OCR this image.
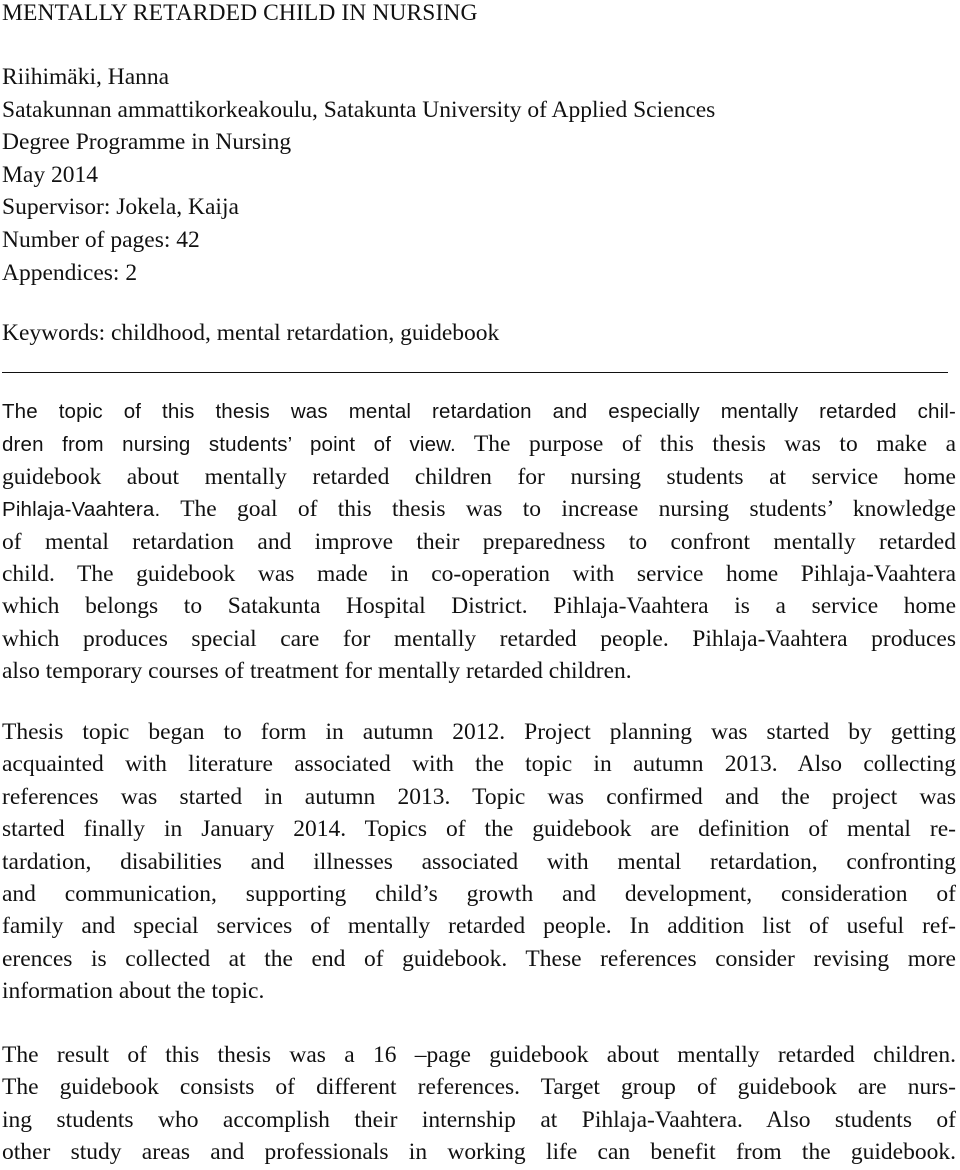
MENTALLY RETARDED CHILD IN NURSING
Riihimäki, Hanna
Satakunnan ammattikorkeakoulu, Satakunta University of Applied Sciences
Degree Programme in Nursing
May 2014
Supervisor: Jokela, Kaija
Number of pages: 42
Appendices: 2
Keywords: childhood, mental retardation, guidebook
The topic of this thesis was mental retardation and especially mentally retarded chil-
dren from nursing students’ point of view. The purpose of this thesis was to make a
guidebook about mentally retarded children for nursing students at service home
Pihlaja-Vaahtera. The goal of this thesis was to increase nursing students’ knowledge
of mental retardation and improve their preparedness to confront mentally retarded
child. The guidebook was made in co-operation with service home Pihlaja-Vaahtera
which belongs to Satakunta Hospital District. Pihlaja-Vaahtera is a service home
which produces special care for mentally retarded people. Pihlaja-Vaahtera produces
also temporary courses of treatment for mentally retarded children.
Thesis topic began to form in autumn 2012. Project planning was started by getting
acquainted with literature associated with the topic in autumn 2013. Also collecting
references was started in autumn 2013. Topic was confirmed and the project was
started finally in January 2014. Topics of the guidebook are definition of mental re-
tardation, disabilities and illnesses associated with mental retardation, confronting
and communication, supporting child’s growth and development, consideration of
family and special services of mentally retarded people. In addition list of useful ref-
erences is collected at the end of guidebook. These references consider revising more
information about the topic.
The result of this thesis was a 16 –page guidebook about mentally retarded children.
The guidebook consists of different references. Target group of guidebook are nurs-
ing students who accomplish their internship at Pihlaja-Vaahtera. Also students of
other study areas and professionals in working life can benefit from the guidebook.
